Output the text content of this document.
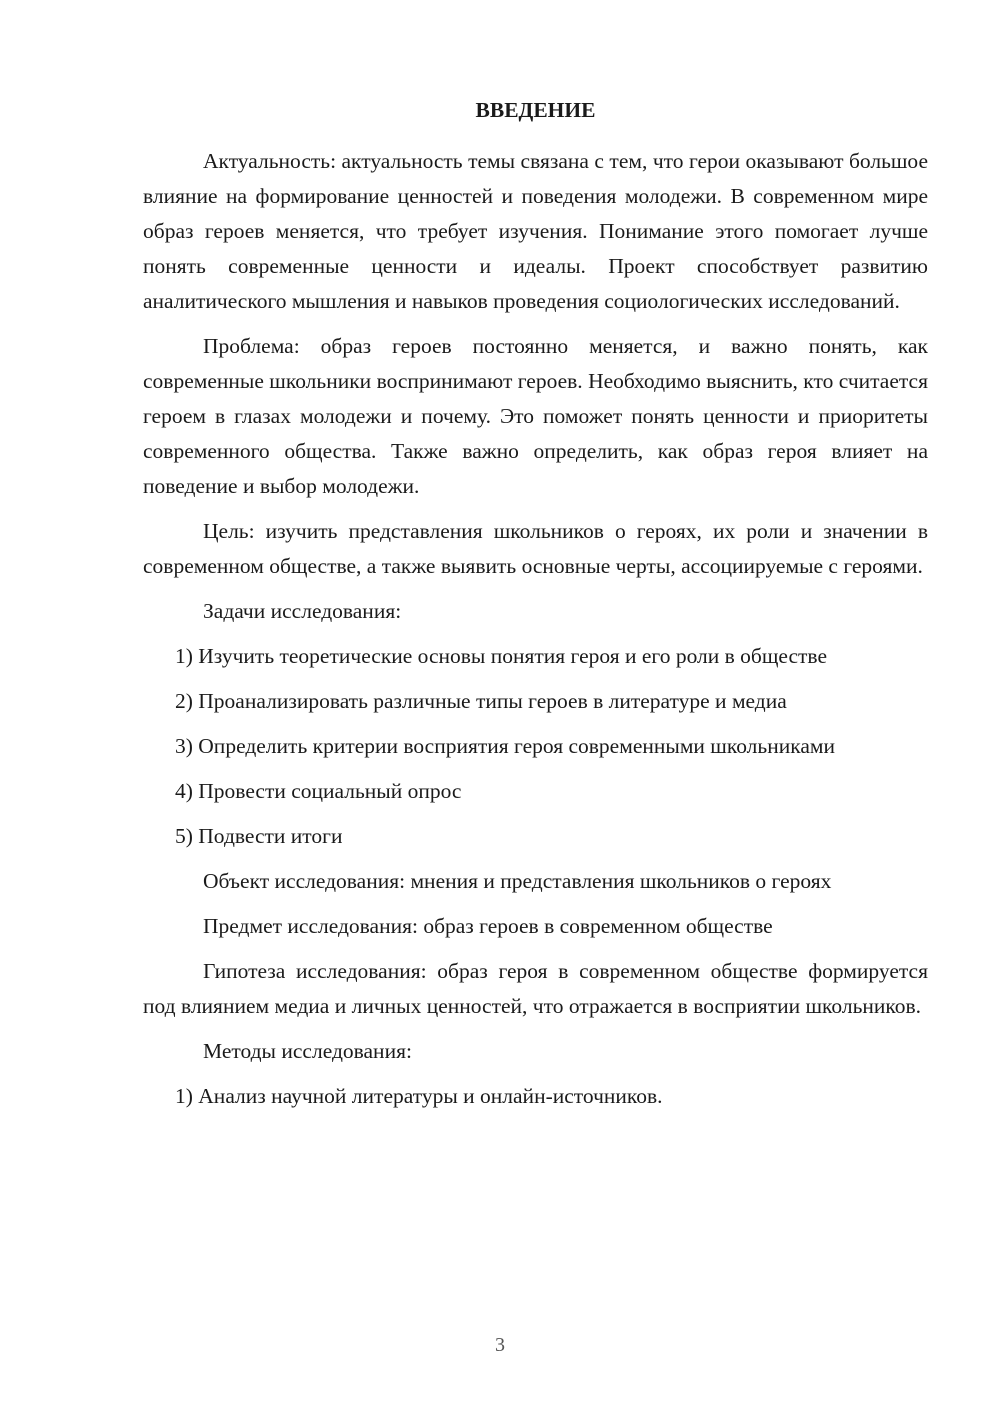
ВВЕДЕНИЕ

Актуальность: актуальность темы связана с тем, что герои оказывают большое влияние на формирование ценностей и поведения молодежи. В современном мире образ героев меняется, что требует изучения. Понимание этого помогает лучше понять современные ценности и идеалы. Проект способствует развитию аналитического мышления и навыков проведения социологических исследований.

Проблема: образ героев постоянно меняется, и важно понять, как современные школьники воспринимают героев. Необходимо выяснить, кто считается героем в глазах молодежи и почему. Это поможет понять ценности и приоритеты современного общества. Также важно определить, как образ героя влияет на поведение и выбор молодежи.

Цель: изучить представления школьников о героях, их роли и значении в современном обществе, а также выявить основные черты, ассоциируемые с героями.

Задачи исследования:

1) Изучить теоретические основы понятия героя и его роли в обществе

2) Проанализировать различные типы героев в литературе и медиа

3) Определить критерии восприятия героя современными школьниками

4) Провести социальный опрос

5) Подвести итоги

Объект исследования: мнения и представления школьников о героях

Предмет исследования: образ героев в современном обществе

Гипотеза исследования: образ героя в современном обществе формируется под влиянием медиа и личных ценностей, что отражается в восприятии школьников.

Методы исследования:

1) Анализ научной литературы и онлайн-источников.

3
